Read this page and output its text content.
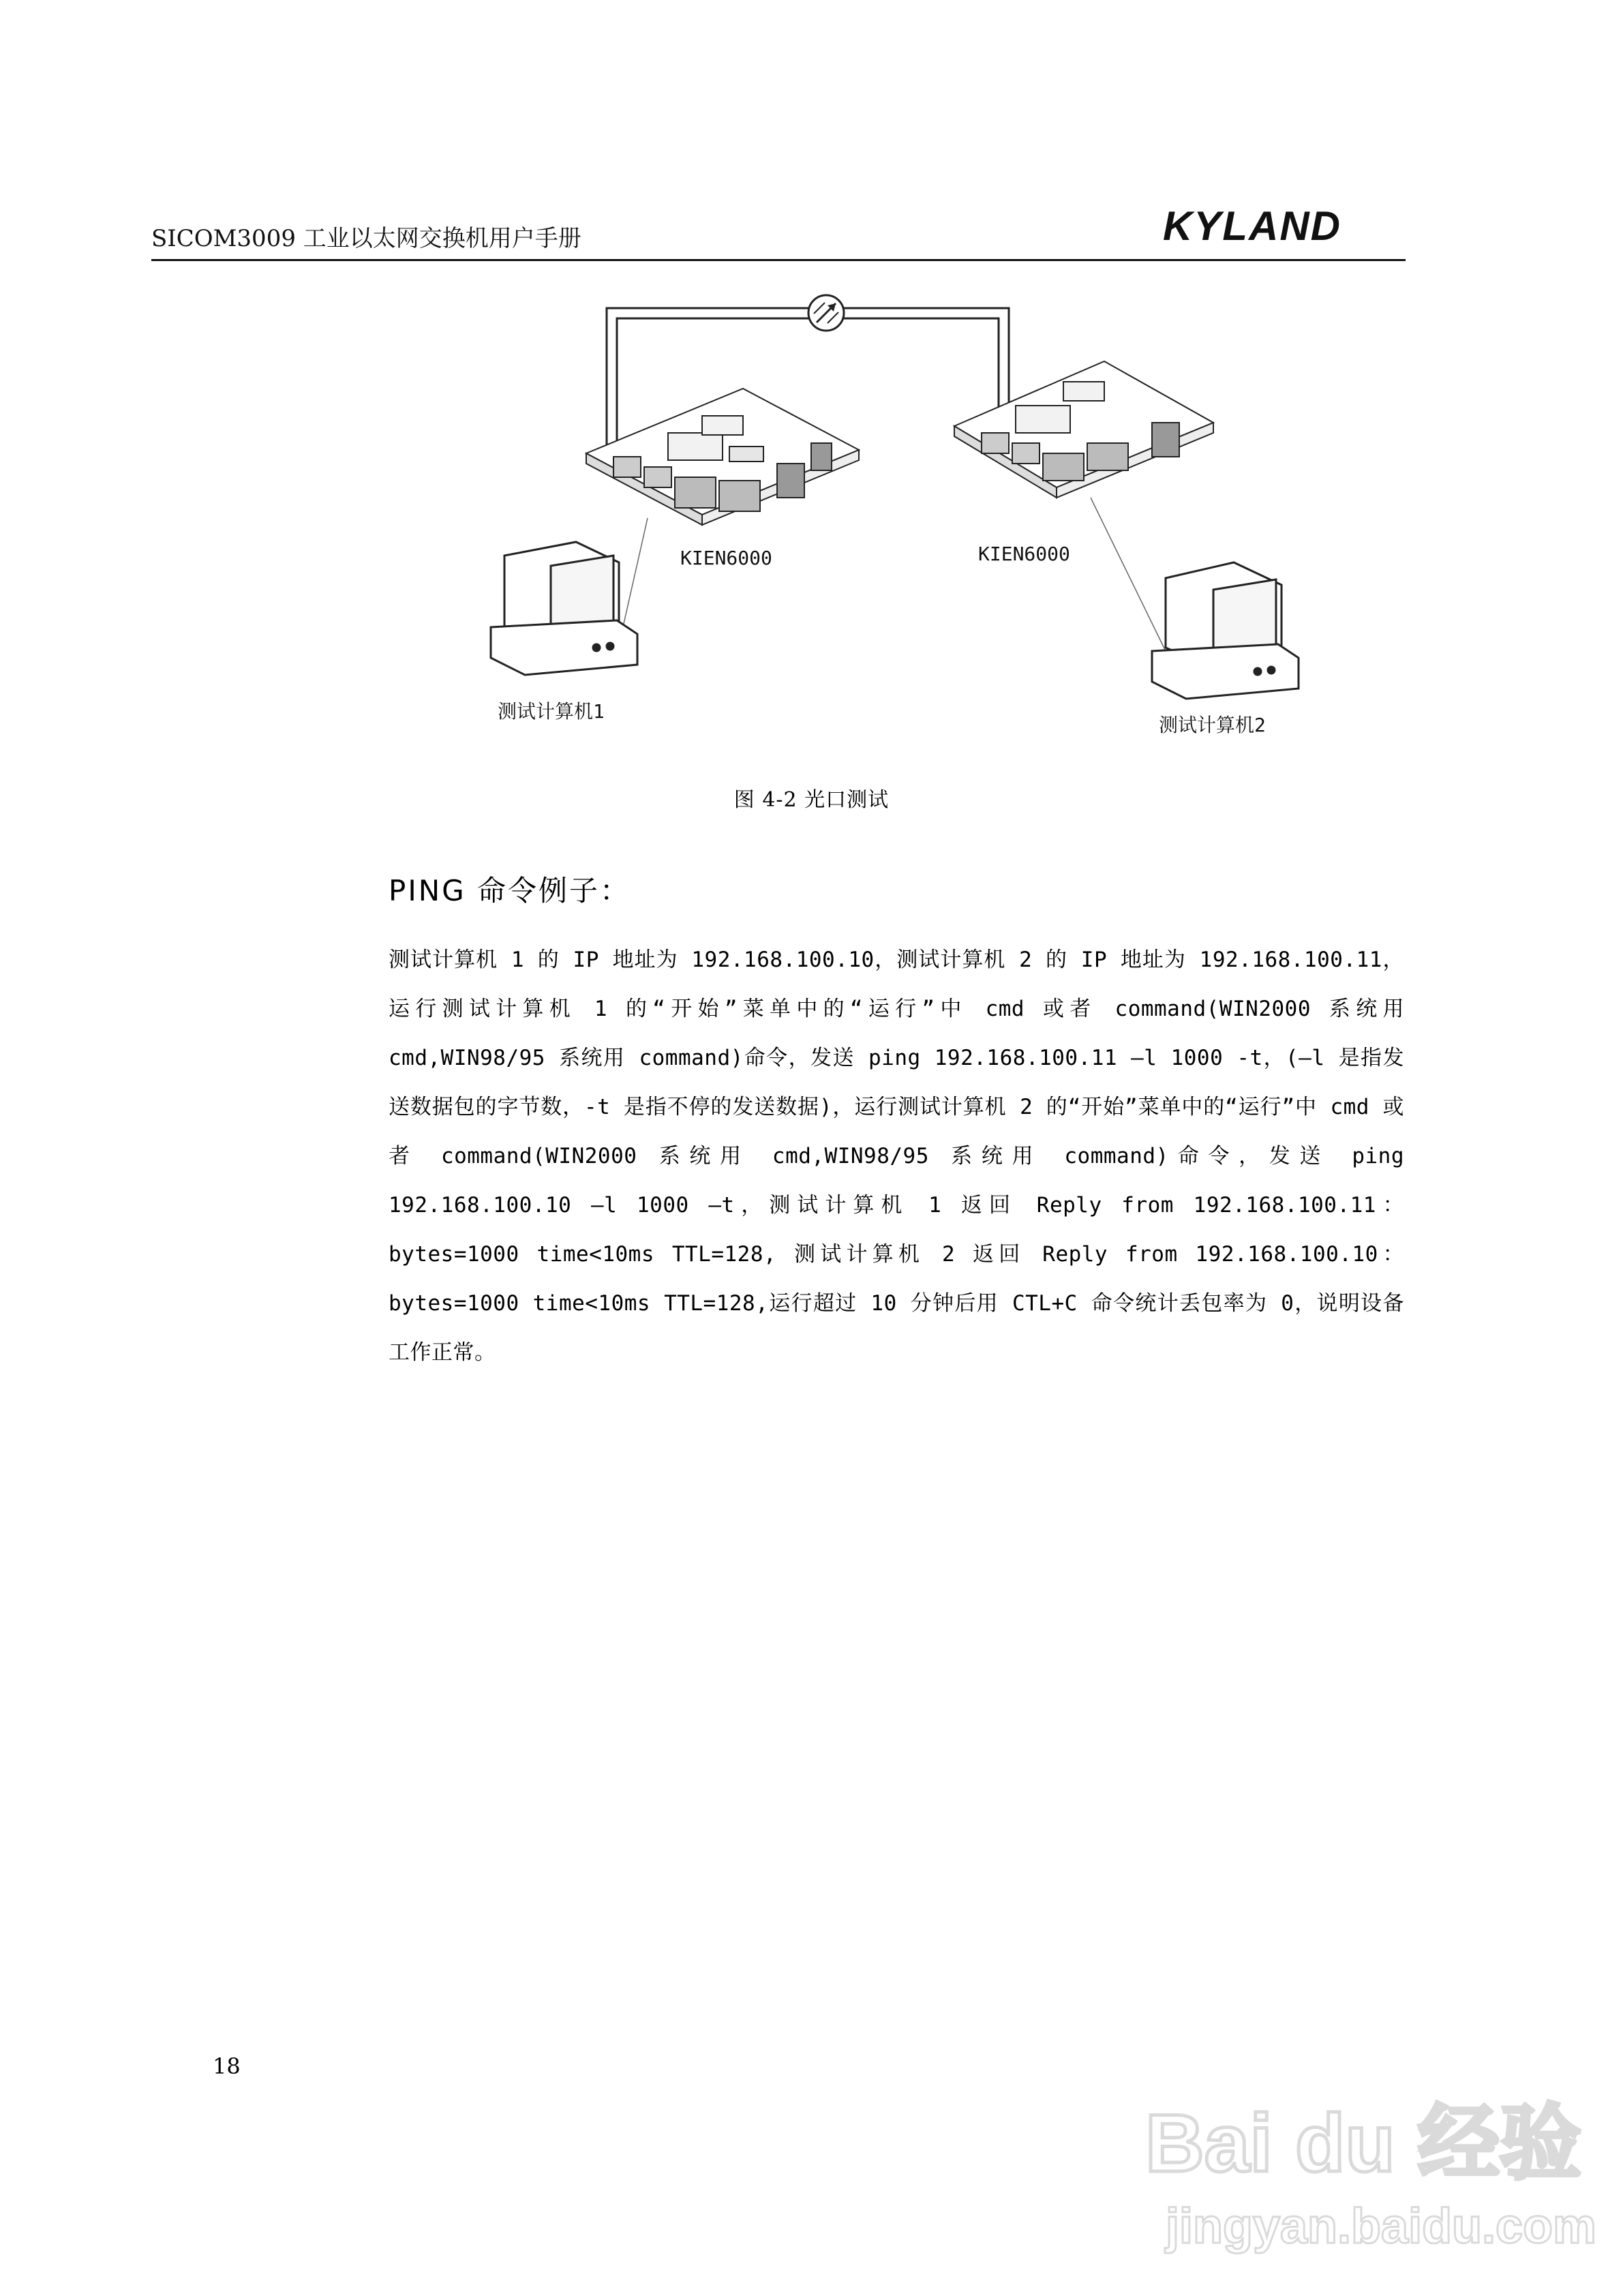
SICOM3009 工业以太网交换机用户手册	KYLAND
KIEN6000	KIEN6000
测试计算机1
测试计算机2
图 4-2 光口测试
PING 命令例子：

测试计算机 1 的 IP 地址为 192.168.100.10，测试计算机 2 的 IP 地址为 192.168.100.11，运行测试计算机 1 的“开始”菜单中的“运行”中 cmd 或者 command(WIN2000 系统用 cmd,WIN98/95 系统用 command)命令，发送 ping 192.168.100.11 –l 1000 -t，(–l 是指发送数据包的字节数，-t 是指不停的发送数据)，运行测试计算机 2 的“开始”菜单中的“运行”中 cmd 或者 command(WIN2000 系统用 cmd,WIN98/95 系统用 command)命令，发送 ping 192.168.100.10 –l 1000 –t，测试计算机 1 返回 Reply from 192.168.100.11：bytes=1000 time<10ms TTL=128, 测试计算机 2 返回 Reply from 192.168.100.10：bytes=1000 time<10ms TTL=128,运行超过 10 分钟后用 CTL+C 命令统计丢包率为 0，说明设备工作正常。

18
Bai du 经验
jingyan.baidu.com
